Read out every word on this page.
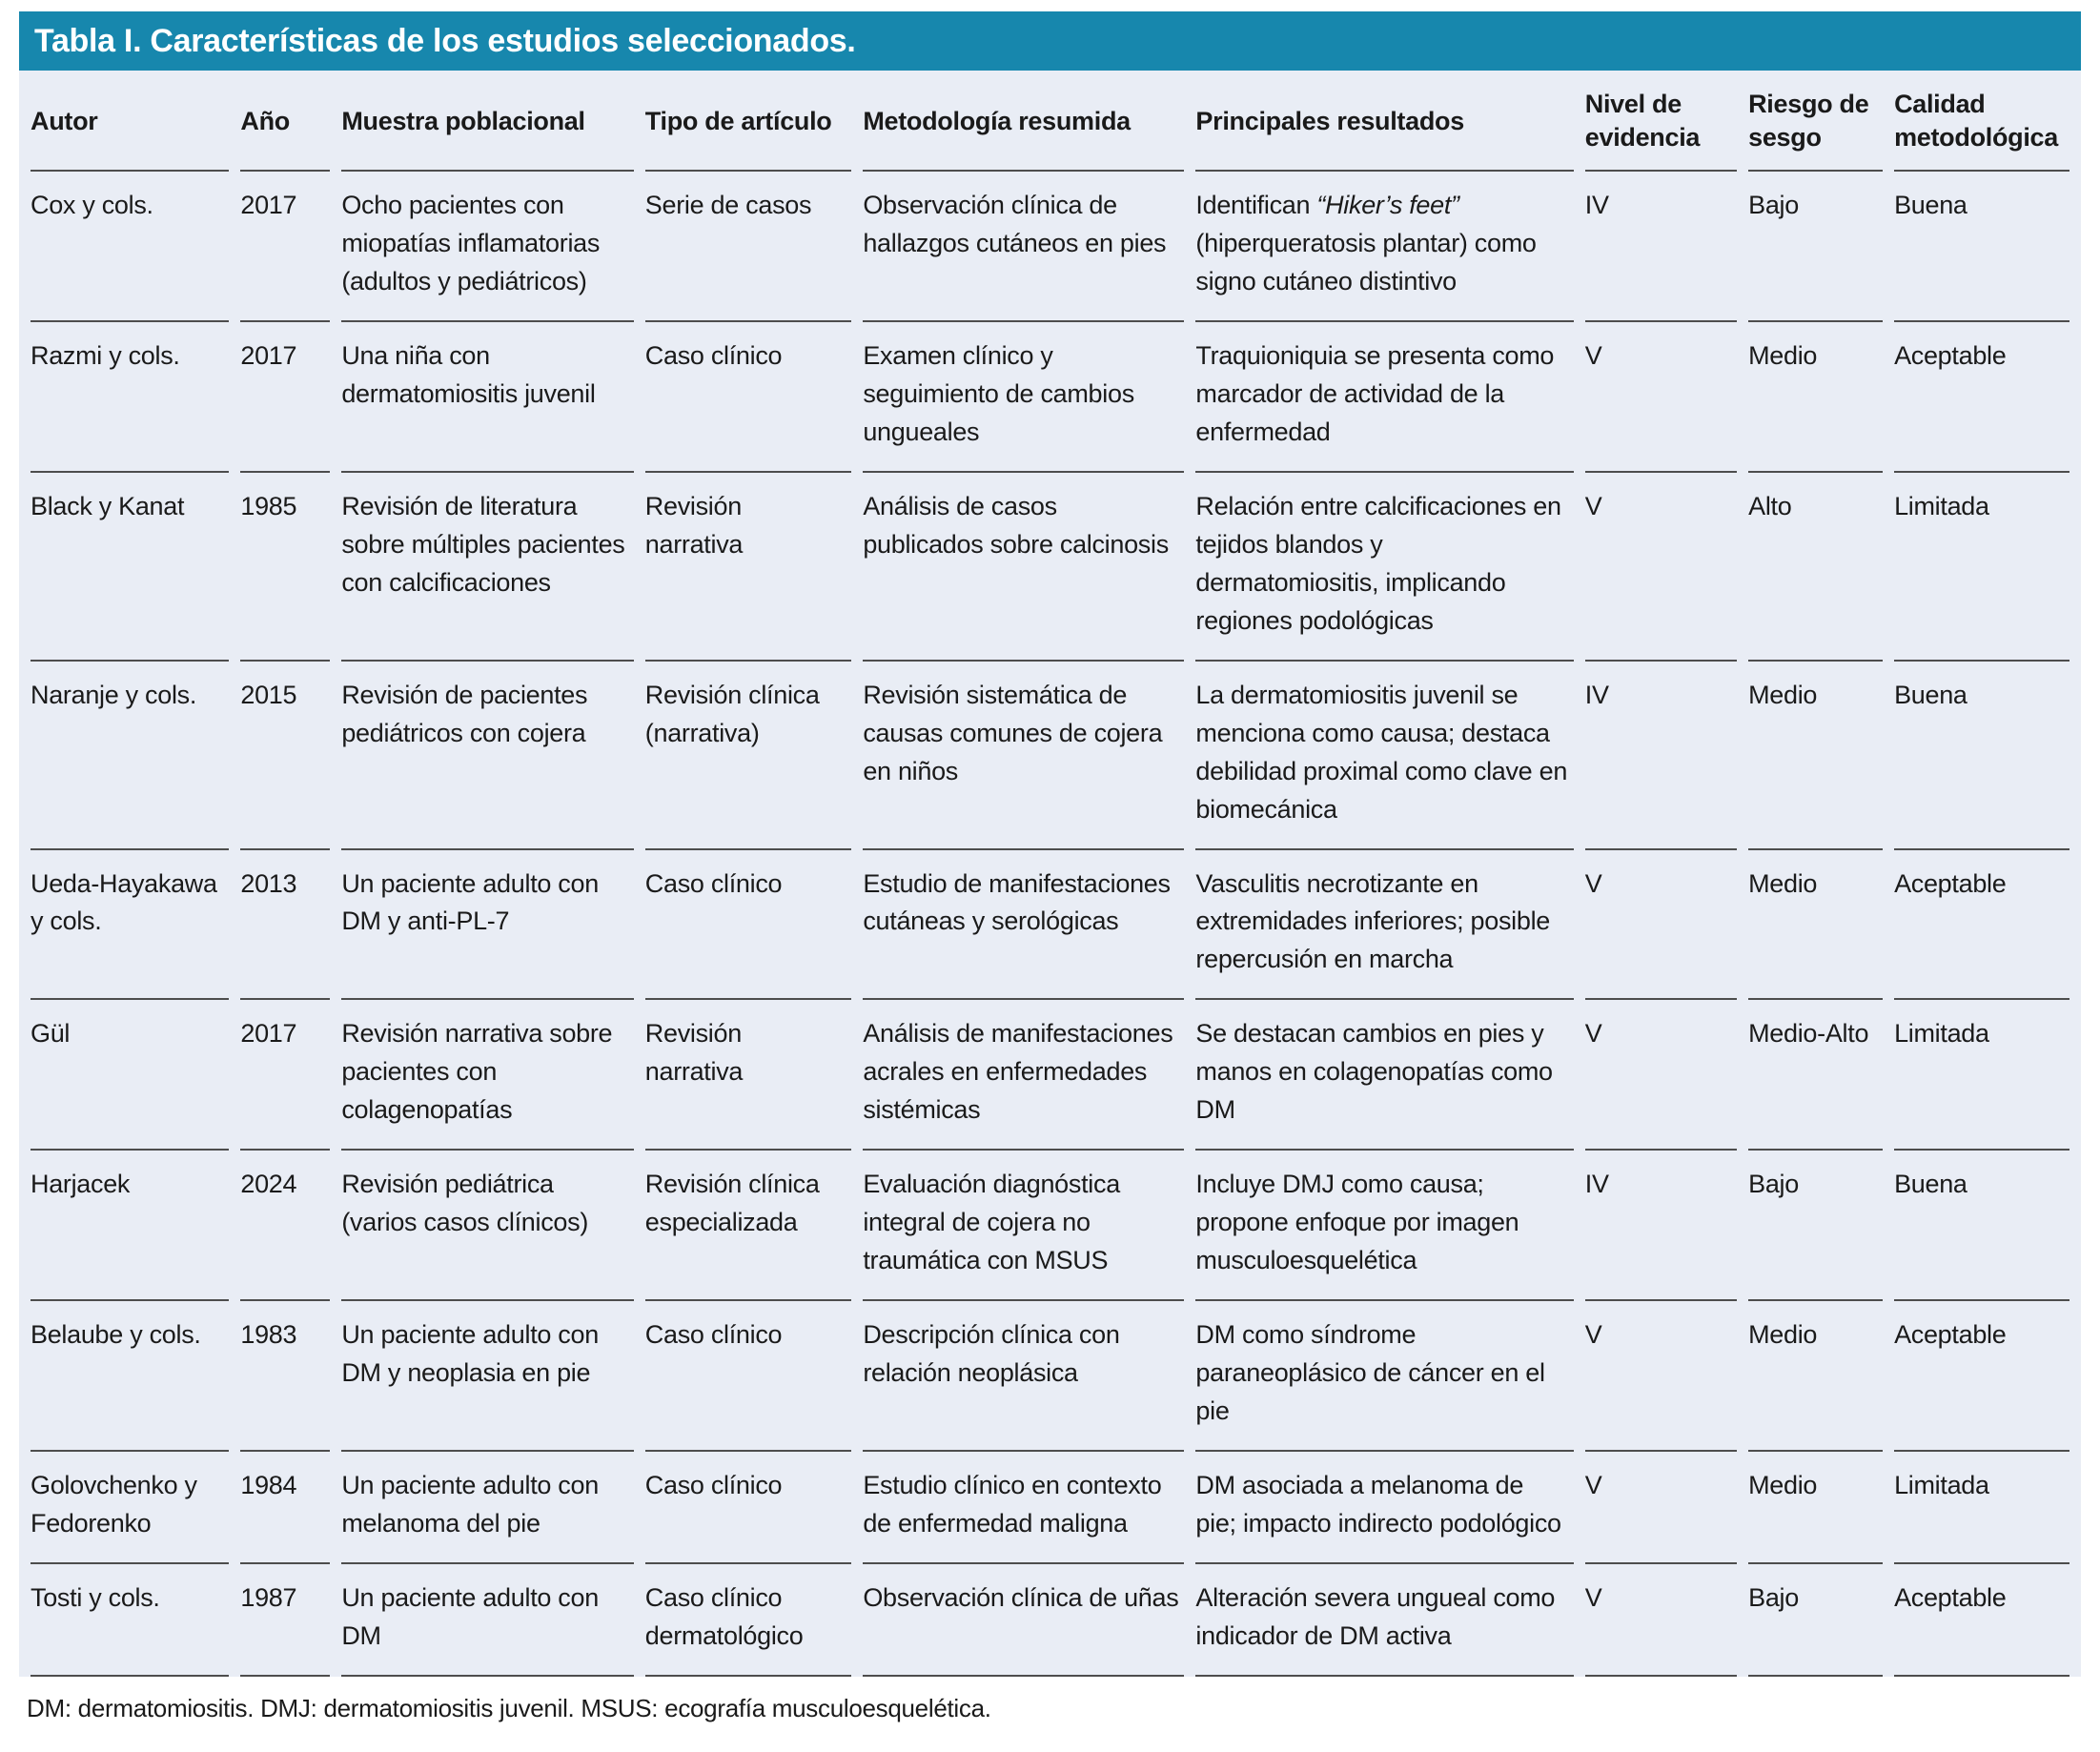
Tabla I. Características de los estudios seleccionados.
Autor	Año	Muestra poblacional	Tipo de artículo	Metodología resumida	Principales resultados	Nivel de evidencia	Riesgo de sesgo	Calidad metodológica
Cox y cols.	2017	Ocho pacientes con miopatías inflamatorias (adultos y pediátricos)	Serie de casos	Observación clínica de hallazgos cutáneos en pies	Identifican “Hiker’s feet” (hiperqueratosis plantar) como signo cutáneo distintivo	IV	Bajo	Buena
Razmi y cols.	2017	Una niña con dermatomiositis juvenil	Caso clínico	Examen clínico y seguimiento de cambios ungueales	Traquioniquia se presenta como marcador de actividad de la enfermedad	V	Medio	Aceptable
Black y Kanat	1985	Revisión de literatura sobre múltiples pacientes con calcificaciones	Revisión narrativa	Análisis de casos publicados sobre calcinosis	Relación entre calcificaciones en tejidos blandos y dermatomiositis, implicando regiones podológicas	V	Alto	Limitada
Naranje y cols.	2015	Revisión de pacientes pediátricos con cojera	Revisión clínica (narrativa)	Revisión sistemática de causas comunes de cojera en niños	La dermatomiositis juvenil se menciona como causa; destaca debilidad proximal como clave en biomecánica	IV	Medio	Buena
Ueda-Hayakawa y cols.	2013	Un paciente adulto con DM y anti-PL-7	Caso clínico	Estudio de manifestaciones cutáneas y serológicas	Vasculitis necrotizante en extremidades inferiores; posible repercusión en marcha	V	Medio	Aceptable
Gül	2017	Revisión narrativa sobre pacientes con colagenopatías	Revisión narrativa	Análisis de manifestaciones acrales en enfermedades sistémicas	Se destacan cambios en pies y manos en colagenopatías como DM	V	Medio-Alto	Limitada
Harjacek	2024	Revisión pediátrica (varios casos clínicos)	Revisión clínica especializada	Evaluación diagnóstica integral de cojera no traumática con MSUS	Incluye DMJ como causa; propone enfoque por imagen musculoesquelética	IV	Bajo	Buena
Belaube y cols.	1983	Un paciente adulto con DM y neoplasia en pie	Caso clínico	Descripción clínica con relación neoplásica	DM como síndrome paraneoplásico de cáncer en el pie	V	Medio	Aceptable
Golovchenko y Fedorenko	1984	Un paciente adulto con melanoma del pie	Caso clínico	Estudio clínico en contexto de enfermedad maligna	DM asociada a melanoma de pie; impacto indirecto podológico	V	Medio	Limitada
Tosti y cols.	1987	Un paciente adulto con DM	Caso clínico dermatológico	Observación clínica de uñas	Alteración severa ungueal como indicador de DM activa	V	Bajo	Aceptable
DM: dermatomiositis. DMJ: dermatomiositis juvenil. MSUS: ecografía musculoesquelética.
